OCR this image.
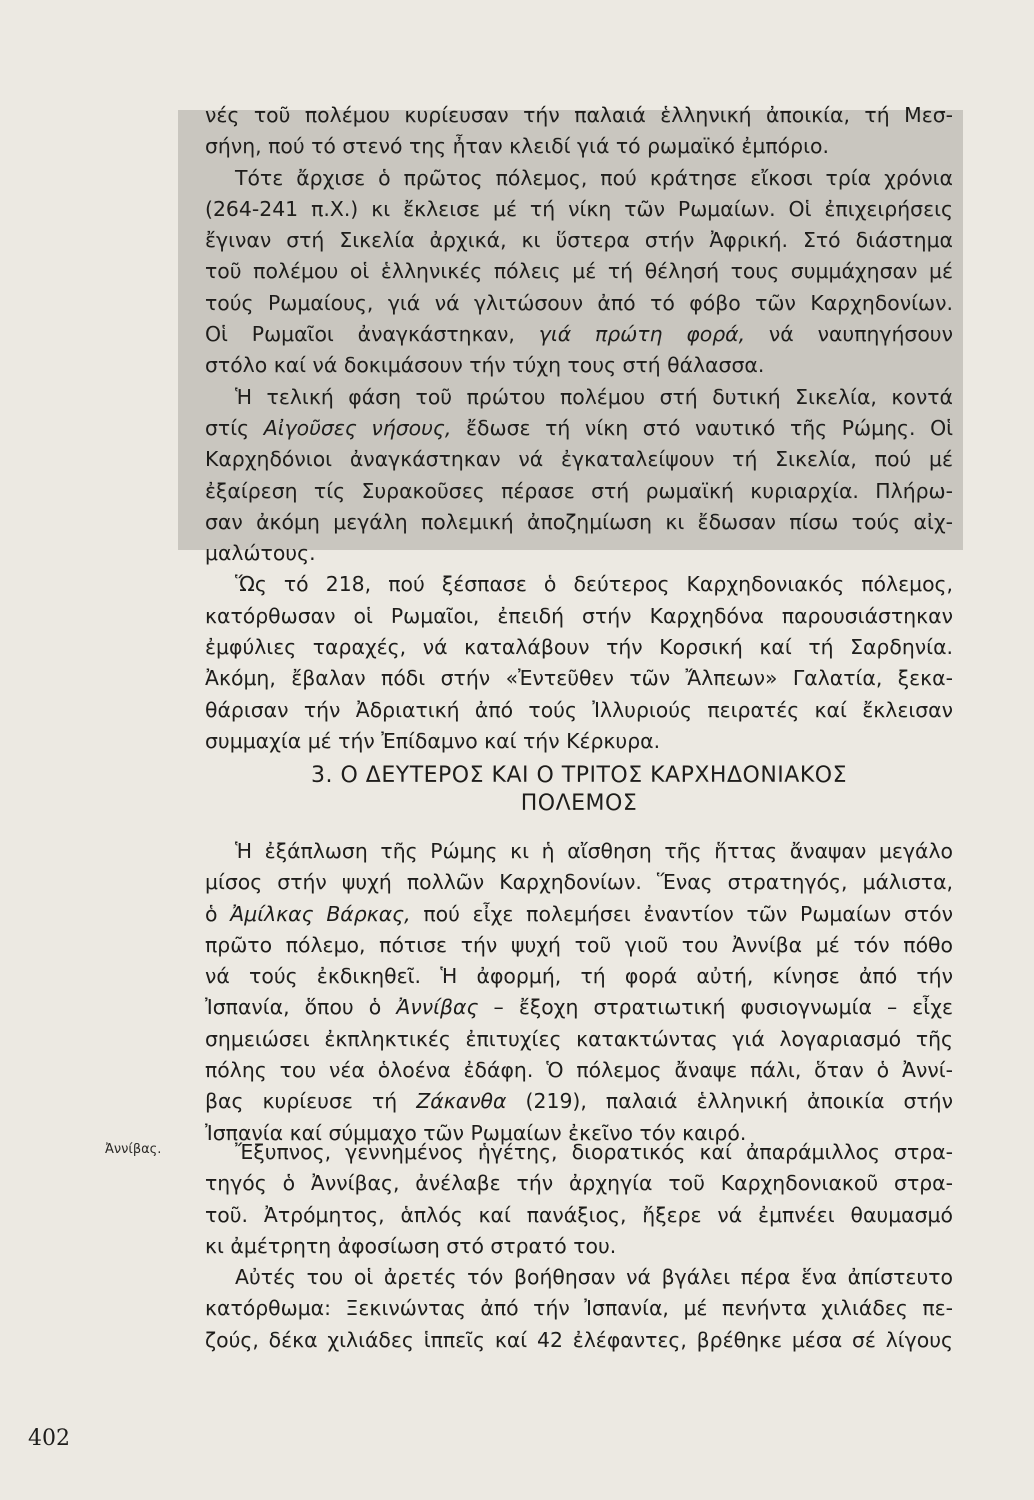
νές τοῦ πολέμου κυρίευσαν τήν παλαιά ἑλληνική ἀποικία, τή Μεσ-

σήνη, πού τό στενό της ἦταν κλειδί γιά τό ρωμαϊκό ἐμπόριο.

Τότε ἄρχισε ὁ πρῶτος πόλεμος, πού κράτησε εἴκοσι τρία χρόνια

(264-241 π.Χ.) κι ἔκλεισε μέ τή νίκη τῶν Ρωμαίων. Οἱ ἐπιχειρήσεις

ἔγιναν στή Σικελία ἀρχικά, κι ὕστερα στήν Ἀφρική. Στό διάστημα

τοῦ πολέμου οἱ ἑλληνικές πόλεις μέ τή θέλησή τους συμμάχησαν μέ

τούς Ρωμαίους, γιά νά γλιτώσουν ἀπό τό φόβο τῶν Καρχηδονίων.

Οἱ Ρωμαῖοι ἀναγκάστηκαν, γιά πρώτη φορά, νά ναυπηγήσουν

στόλο καί νά δοκιμάσουν τήν τύχη τους στή θάλασσα.

Ἡ τελική φάση τοῦ πρώτου πολέμου στή δυτική Σικελία, κοντά

στίς Αἰγοῦσες νήσους, ἔδωσε τή νίκη στό ναυτικό τῆς Ρώμης. Οἱ

Καρχηδόνιοι ἀναγκάστηκαν νά ἐγκαταλείψουν τή Σικελία, πού μέ

ἐξαίρεση τίς Συρακοῦσες πέρασε στή ρωμαϊκή κυριαρχία. Πλήρω-

σαν ἀκόμη μεγάλη πολεμική ἀποζημίωση κι ἔδωσαν πίσω τούς αἰχ-

μαλώτους.

Ὥς τό 218, πού ξέσπασε ὁ δεύτερος Καρχηδονιακός πόλεμος,

κατόρθωσαν οἱ Ρωμαῖοι, ἐπειδή στήν Καρχηδόνα παρουσιάστηκαν

ἐμφύλιες ταραχές, νά καταλάβουν τήν Κορσική καί τή Σαρδηνία.

Ἀκόμη, ἔβαλαν πόδι στήν «Ἐντεῦθεν τῶν Ἄλπεων» Γαλατία, ξεκα-

θάρισαν τήν Ἀδριατική ἀπό τούς Ἰλλυριούς πειρατές καί ἔκλεισαν

συμμαχία μέ τήν Ἐπίδαμνο καί τήν Κέρκυρα.

3. Ο ΔΕΥΤΕΡΟΣ ΚΑΙ Ο ΤΡΙΤΟΣ ΚΑΡΧΗΔΟΝΙΑΚΟΣ
ΠΟΛΕΜΟΣ

Ἡ ἐξάπλωση τῆς Ρώμης κι ἡ αἴσθηση τῆς ἥττας ἄναψαν μεγάλο

μίσος στήν ψυχή πολλῶν Καρχηδονίων. Ἕνας στρατηγός, μάλιστα,

ὁ Ἀμίλκας Βάρκας, πού εἶχε πολεμήσει ἐναντίον τῶν Ρωμαίων στόν

πρῶτο πόλεμο, πότισε τήν ψυχή τοῦ γιοῦ του Ἀννίβα μέ τόν πόθο

νά τούς ἐκδικηθεῖ. Ἡ ἀφορμή, τή φορά αὐτή, κίνησε ἀπό τήν

Ἰσπανία, ὅπου ὁ Ἀννίβας – ἔξοχη στρατιωτική φυσιογνωμία – εἶχε

σημειώσει ἐκπληκτικές ἐπιτυχίες κατακτώντας γιά λογαριασμό τῆς

πόλης του νέα ὁλοένα ἐδάφη. Ὁ πόλεμος ἄναψε πάλι, ὅταν ὁ Ἀννί-

βας κυρίευσε τή Ζάκανθα (219), παλαιά ἑλληνική ἀποικία στήν

Ἰσπανία καί σύμμαχο τῶν Ρωμαίων ἐκεῖνο τόν καιρό.

Ἀννίβας.	Ἔξυπνος, γεννημένος ἡγέτης, διορατικός καί ἀπαράμιλλος στρα-

τηγός ὁ Ἀννίβας, ἀνέλαβε τήν ἀρχηγία τοῦ Καρχηδονιακοῦ στρα-

τοῦ. Ἀτρόμητος, ἁπλός καί πανάξιος, ἤξερε νά ἐμπνέει θαυμασμό

κι ἀμέτρητη ἀφοσίωση στό στρατό του.

Αὐτές του οἱ ἀρετές τόν βοήθησαν νά βγάλει πέρα ἕνα ἀπίστευτο

κατόρθωμα: Ξεκινώντας ἀπό τήν Ἰσπανία, μέ πενήντα χιλιάδες πε-

ζούς, δέκα χιλιάδες ἱππεῖς καί 42 ἐλέφαντες, βρέθηκε μέσα σέ λίγους

402
